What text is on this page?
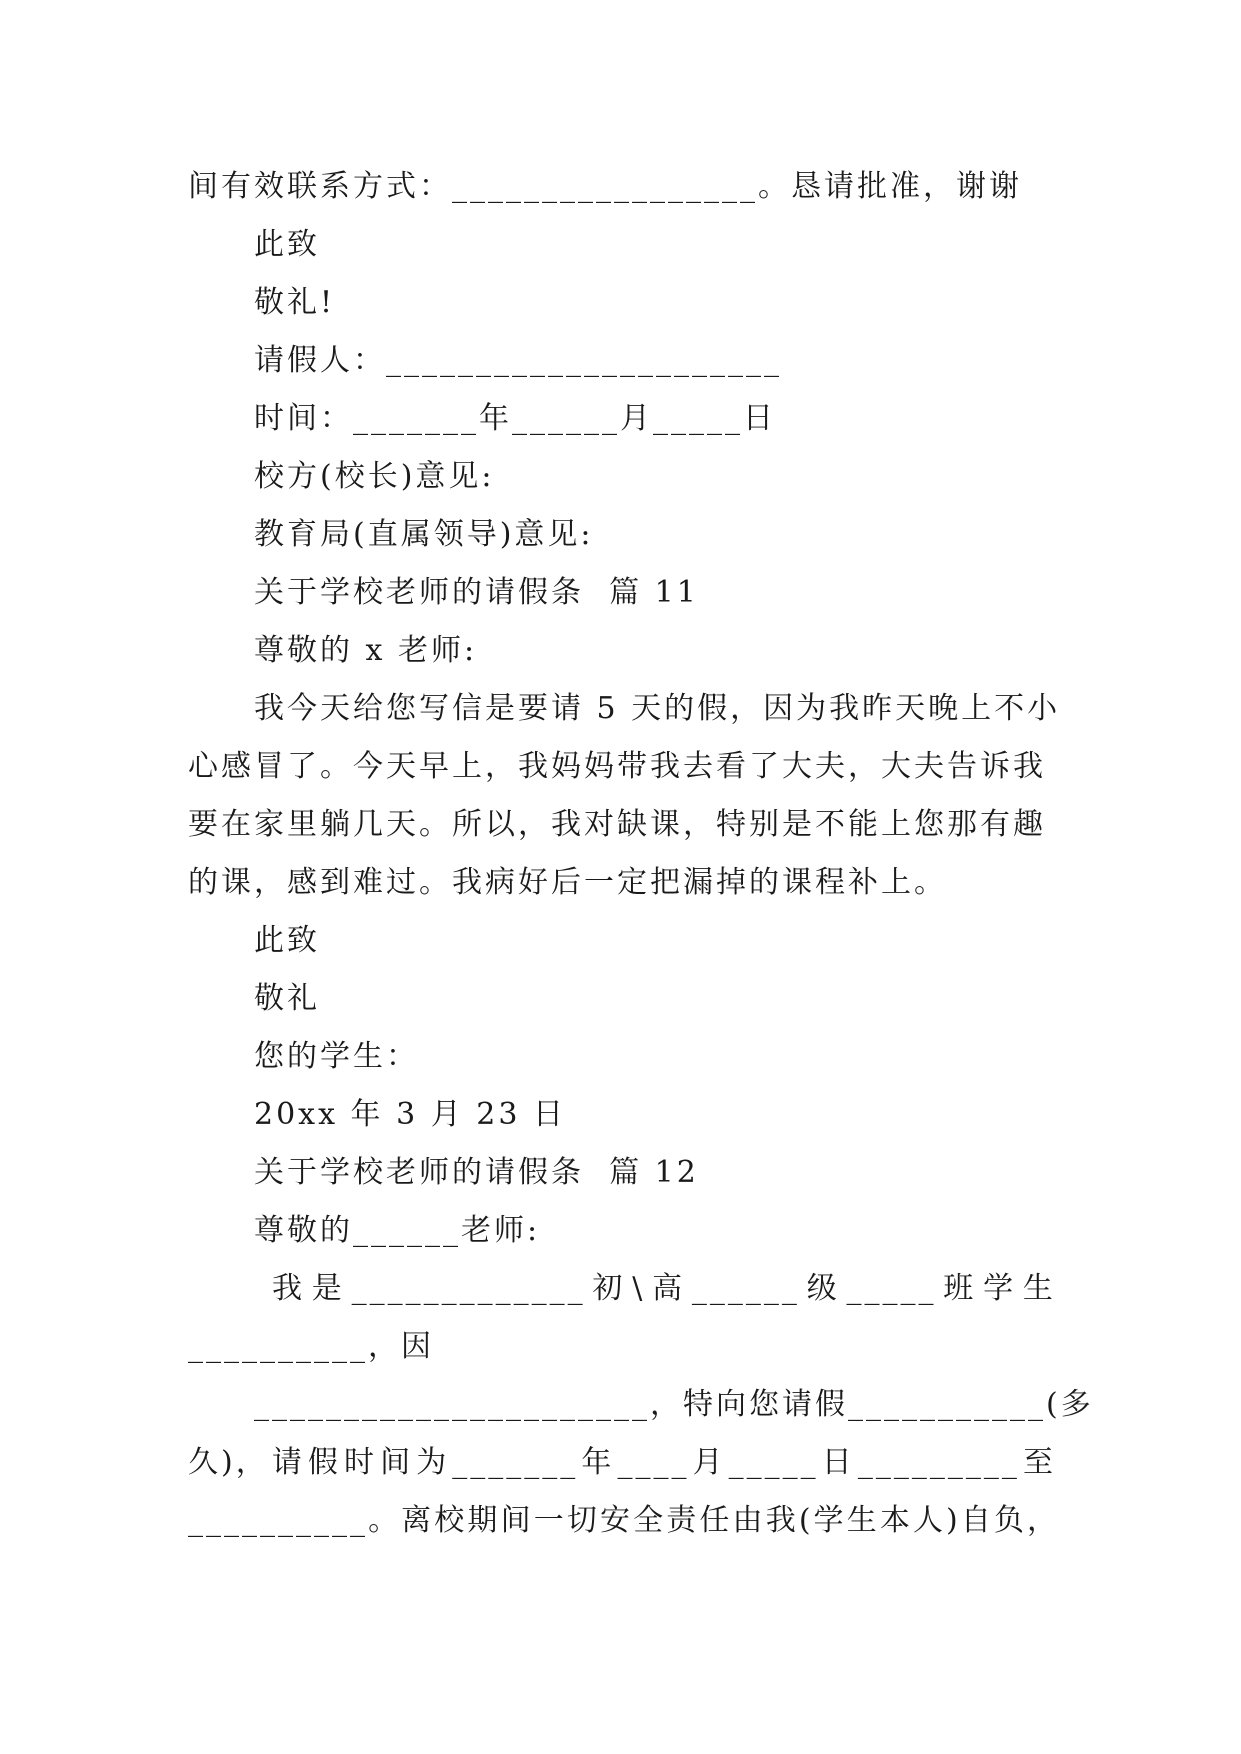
间有效联系方式：_________________。恳请批准，谢谢
此致
敬礼!
请假人：______________________
时间：_______年______月_____日
校方(校长)意见:
教育局(直属领导)意见:
关于学校老师的请假条  篇 11
尊敬的 x 老师:
我今天给您写信是要请 5 天的假，因为我昨天晚上不小
心感冒了。今天早上，我妈妈带我去看了大夫，大夫告诉我
要在家里躺几天。所以，我对缺课，特别是不能上您那有趣
的课，感到难过。我病好后一定把漏掉的课程补上。
此致
敬礼
您的学生：
20xx 年 3 月 23 日
关于学校老师的请假条  篇 12
尊敬的______老师:
我 是 _____________ 初 \ 高 ______ 级 _____ 班 学 生
__________，因
______________________， 特 向 您 请 假 ___________ (多
久)， 请 假 时 间 为 _______ 年 ____ 月 _____ 日 _________ 至
__________ 。离 校 期 间 一 切 安 全 责 任 由 我 (学 生 本 人) 自 负，
